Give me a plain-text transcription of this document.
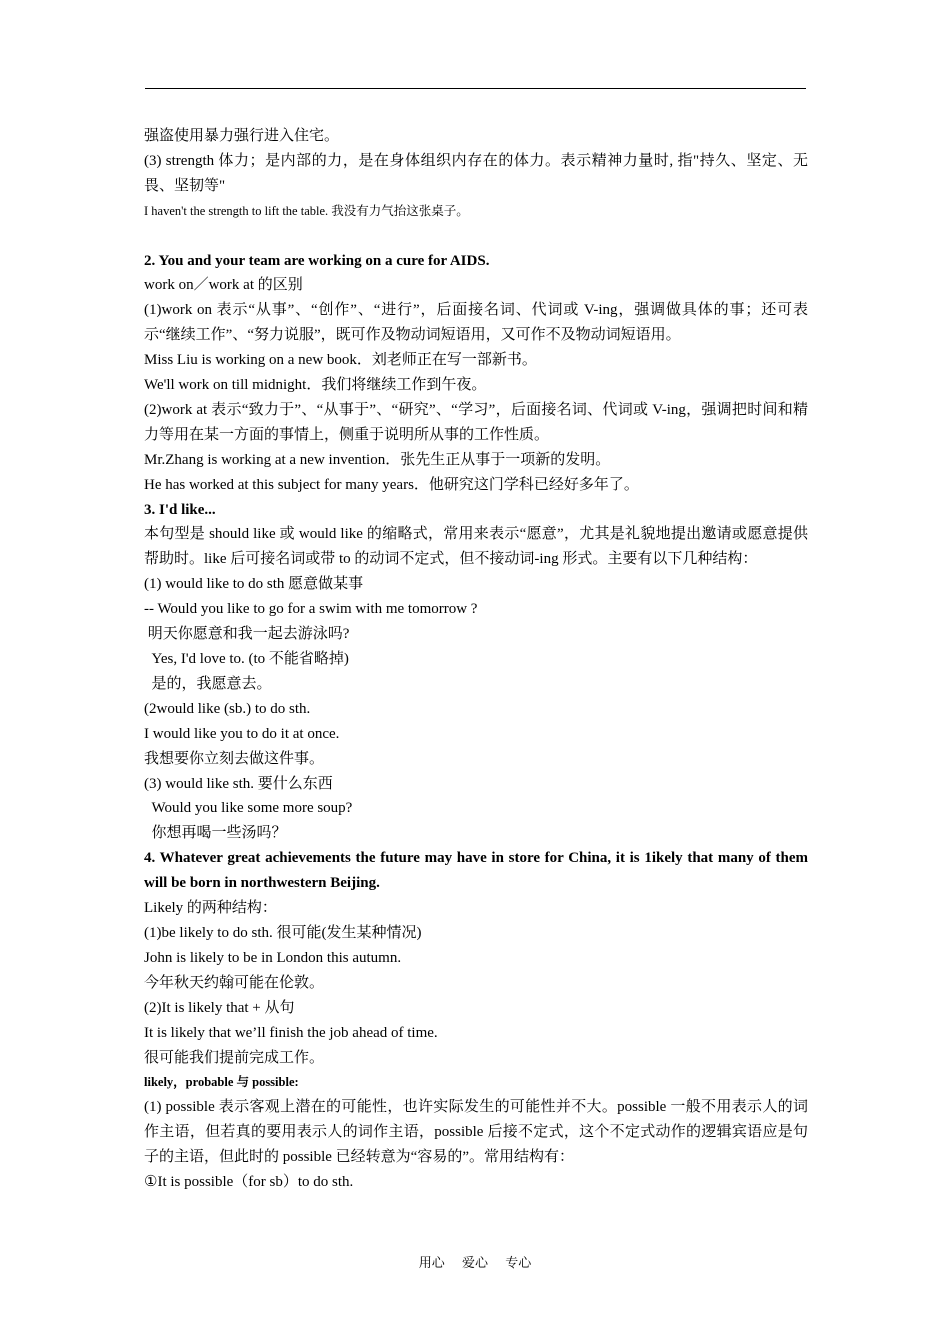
强盗使用暴力强行进入住宅。

(3) strength 体力；是内部的力，是在身体组织内存在的体力。表示精神力量时, 指"持久、坚定、无畏、坚韧等"

I haven't the strength to lift the table. 我没有力气抬这张桌子。

2. You and your team are working on a cure for AIDS.

work on／work at 的区别

(1)work on 表示“从事”、“创作”、“进行”，后面接名词、代词或 V-ing，强调做具体的事；还可表示“继续工作”、“努力说服”，既可作及物动词短语用，又可作不及物动词短语用。

Miss Liu is working on a new book．刘老师正在写一部新书。

We'll work on till midnight．我们将继续工作到午夜。

(2)work at 表示“致力于”、“从事于”、“研究”、“学习”，后面接名词、代词或 V-ing，强调把时间和精力等用在某一方面的事情上，侧重于说明所从事的工作性质。

Mr.Zhang is working at a new invention．张先生正从事于一项新的发明。

He has worked at this subject for many years．他研究这门学科已经好多年了。

3. I'd like...

本句型是 should like 或 would like 的缩略式，常用来表示“愿意”，尤其是礼貌地提出邀请或愿意提供帮助时。like 后可接名词或带 to 的动词不定式，但不接动词-ing 形式。主要有以下几种结构：

(1) would like to do sth 愿意做某事

-- Would you like to go for a swim with me tomorrow ?

明天你愿意和我一起去游泳吗?

Yes, I'd love to. (to 不能省略掉)

是的，我愿意去。

(2would like (sb.) to do sth.

I would like you to do it at once.

我想要你立刻去做这件事。

(3) would like sth. 要什么东西

Would you like some more soup?

你想再喝一些汤吗？

4. Whatever great achievements the future may have in store for China, it is 1ikely that many of them will be born in northwestern Beijing.

Likely 的两种结构：

(1)be likely to do sth. 很可能(发生某种情况)

John is likely to be in London this autumn.

今年秋天约翰可能在伦敦。

(2)It is likely that + 从句

It is likely that we’ll finish the job ahead of time.

很可能我们提前完成工作。

likely，probable 与 possible:

(1) possible 表示客观上潜在的可能性，也许实际发生的可能性并不大。possible 一般不用表示人的词作主语，但若真的要用表示人的词作主语，possible 后接不定式，这个不定式动作的逻辑宾语应是句子的主语，但此时的 possible 已经转意为“容易的”。常用结构有：

①It is possible（for sb）to do sth.

用心 爱心 专心
